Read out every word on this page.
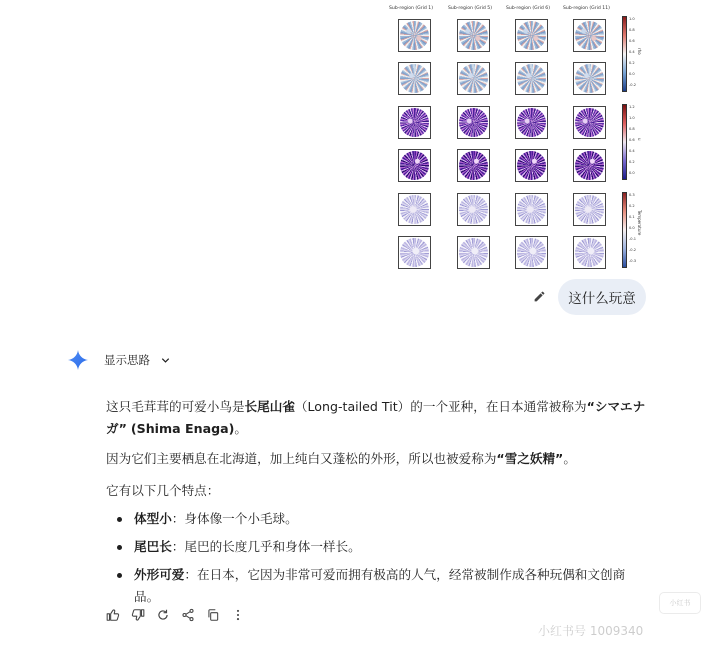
Sub-region (Grid 1)	Sub-region (Grid 5)	Sub-region (Grid 6)	Sub-region (Grid 11)
1.0
0.8
0.6
0.4
0.2
0.0
-0.2
rho
1.2
1.0
0.8
0.6
0.4
0.2
0.0
u
0.3
0.2
0.1
0.0
-0.1
-0.2
-0.3
Temperature
这什么玩意
显示思路

这只毛茸茸的可爱小鸟是长尾山雀（Long-tailed Tit）的一个亚种，在日本通常被称为“シマエナガ” (Shima Enaga)。

因为它们主要栖息在北海道，加上纯白又蓬松的外形，所以也被爱称为“雪之妖精”。

它有以下几个特点：

体型小：身体像一个小毛球。
尾巴长：尾巴的长度几乎和身体一样长。
外形可爱：在日本，它因为非常可爱而拥有极高的人气，经常被制作成各种玩偶和文创商品。	小红书
小红书号 1009340
